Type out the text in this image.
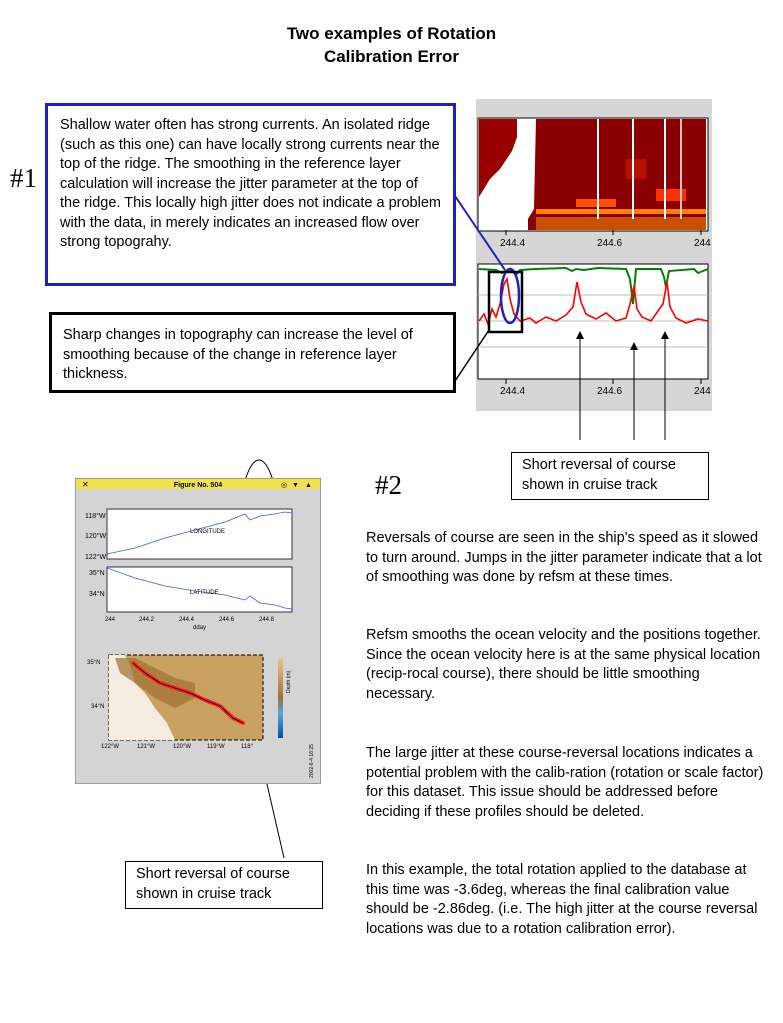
Two examples of Rotation
Calibration Error
#1
#2
244.4	244.6	244
244.4	244.6	244
Shallow water often has strong currents. An isolated ridge (such as this one) can have locally strong currents near the top of the ridge. The smoothing in the reference layer calculation will increase the jitter parameter at the top of the ridge. This locally high jitter does not indicate a problem with the data, in merely indicates an increased flow over strong topograhy.
Sharp changes in topography can increase the level of smoothing because of the change in reference layer thickness.
Short reversal of course shown in cruise track
✕	Figure No. 504	◎ ▼ ▲
118°W
120°W
122°W
LONGITUDE
35°N
34°N	LATITUDE
244	244.2	244.4	244.6	244.8
dday
35°N
34°N
122°W	121°W	120°W	119°W	118°
Depth (m)
2002-6-4 18:25
Short reversal of course shown in cruise track

Reversals of course are seen in the ship's speed as it slowed to turn around. Jumps in the jitter parameter indicate that a lot of smoothing was done by refsm at these times.

Refsm smooths the ocean velocity and the positions together. Since the ocean velocity here is at the same physical location (recip-rocal course), there should be little smoothing necessary.

The large jitter at these course-reversal locations indicates a potential problem with the calib-ration (rotation or scale factor) for this dataset. This issue should be addressed before deciding if these profiles should be deleted.

In this example, the total rotation applied to the database at this time was -3.6deg, whereas the final calibration value should be -2.86deg. (i.e. The high jitter at the course reversal locations was due to a rotation calibration error).
